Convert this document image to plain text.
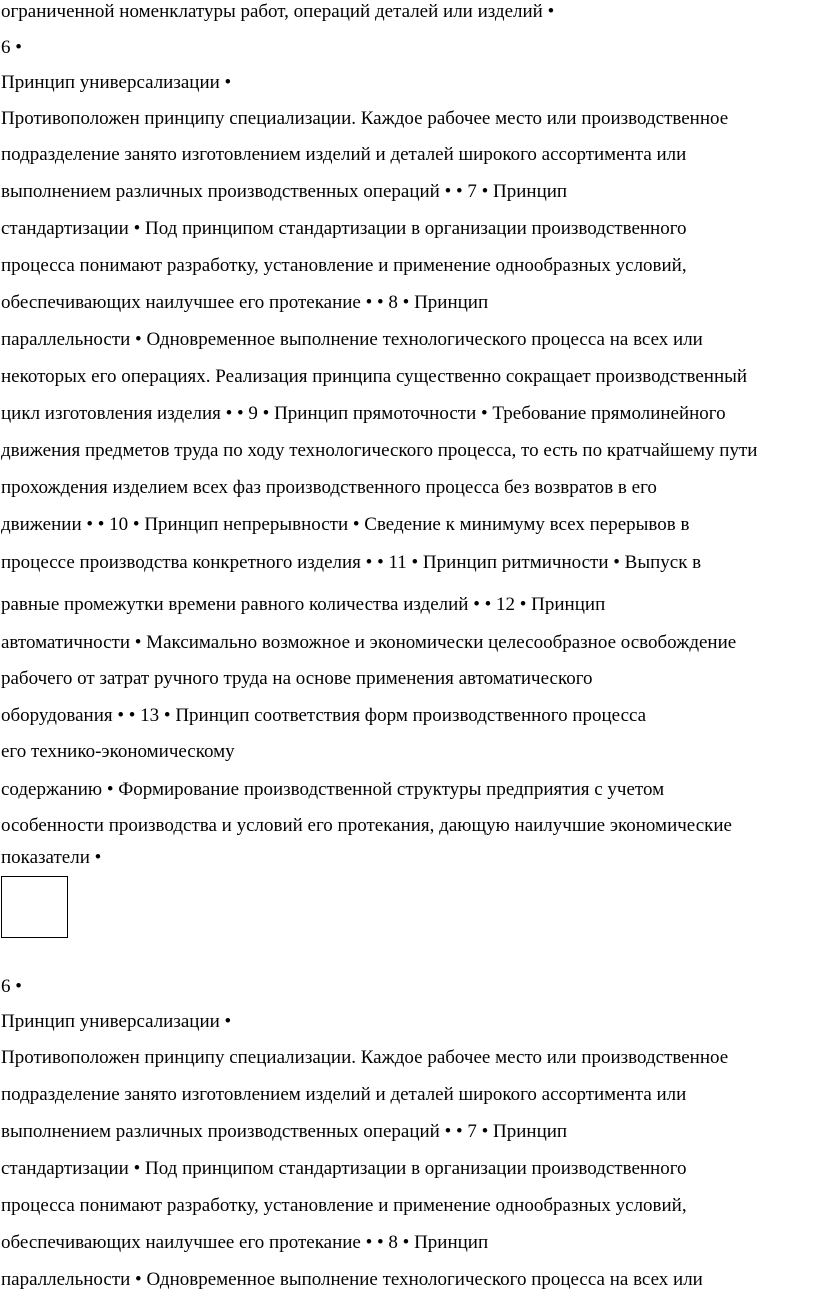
ограниченной номенклатуры работ, операций деталей или изделий •
6 •
Принцип универсализации •
Противоположен принципу специализации. Каждое рабочее место или производственное
подразделение занято изготовлением изделий и деталей широкого ассортимента или
выполнением различных производственных операций • • 7 • Принцип
стандартизации • Под принципом стандартизации в организации производственного
процесса понимают разработку, установление и применение однообразных условий,
обеспечивающих наилучшее его протекание • • 8 • Принцип
параллельности • Одновременное выполнение технологического процесса на всех или
некоторых его операциях. Реализация принципа существенно сокращает производственный
цикл изготовления изделия • • 9 • Принцип прямоточности • Требование прямолинейного
движения предметов труда по ходу технологического процесса, то есть по кратчайшему пути
прохождения изделием всех фаз производственного процесса без возвратов в его
движении • • 10 • Принцип непрерывности • Сведение к минимуму всех перерывов в
процессе производства конкретного изделия • • 11 • Принцип ритмичности • Выпуск в
равные промежутки времени равного количества изделий • • 12 • Принцип
автоматичности • Максимально возможное и экономически целесообразное освобождение
рабочего от затрат ручного труда на основе применения автоматического
оборудования • • 13 • Принцип соответствия форм производственного процесса
его технико-экономическому
содержанию • Формирование производственной структуры предприятия с учетом
особенности производства и условий его протекания, дающую наилучшие экономические
показатели •
6 •
Принцип универсализации •
Противоположен принципу специализации. Каждое рабочее место или производственное
подразделение занято изготовлением изделий и деталей широкого ассортимента или
выполнением различных производственных операций • • 7 • Принцип
стандартизации • Под принципом стандартизации в организации производственного
процесса понимают разработку, установление и применение однообразных условий,
обеспечивающих наилучшее его протекание • • 8 • Принцип
параллельности • Одновременное выполнение технологического процесса на всех или
